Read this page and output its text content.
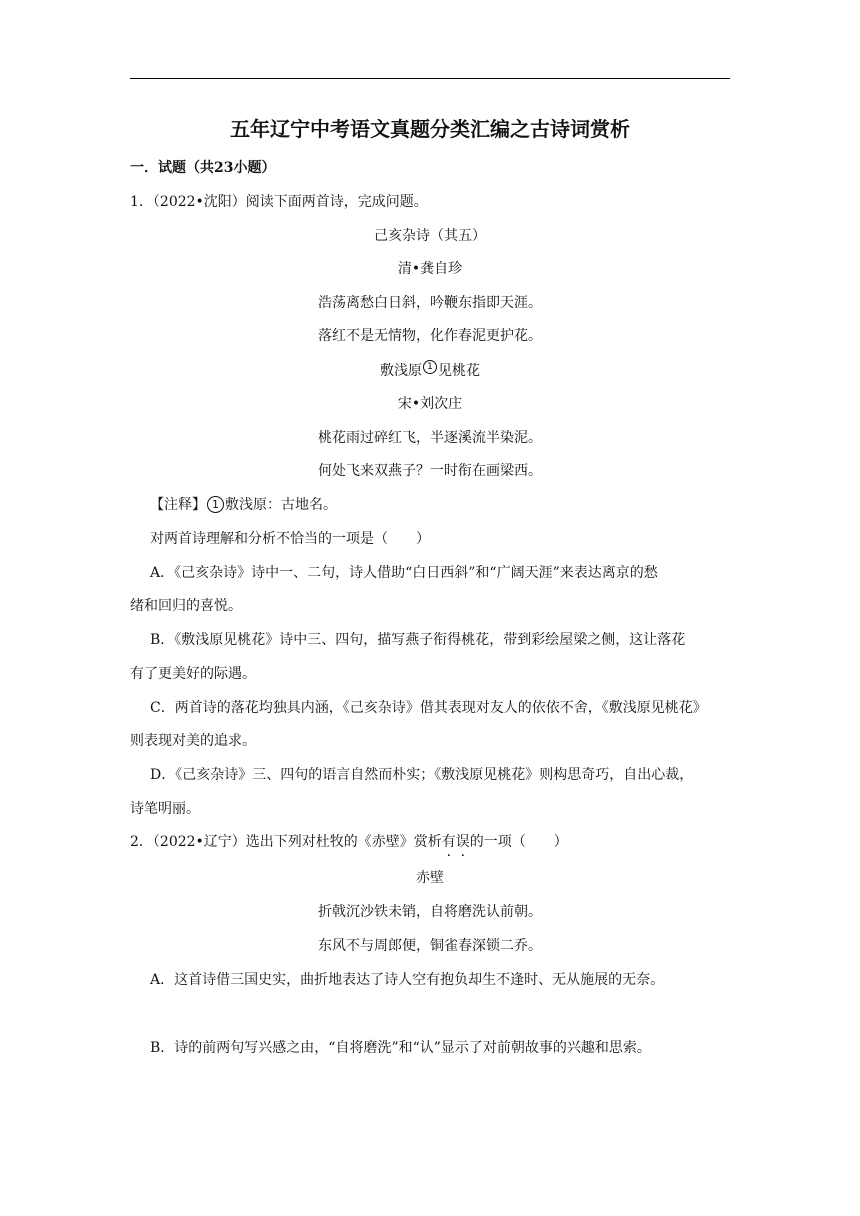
五年辽宁中考语文真题分类汇编之古诗词赏析
一．试题（共23小题）
1．（2022•沈阳）阅读下面两首诗，完成问题。
己亥杂诗（其五）
清•龚自珍
浩荡离愁白日斜，吟鞭东指即天涯。
落红不是无情物，化作春泥更护花。
敷浅原 1 见桃花
宋•刘次庄
桃花雨过碎红飞，半逐溪流半染泥。
何处飞来双燕子？一时衔在画梁西。
【注释】 1 敷浅原：古地名。
对两首诗理解和分析不恰当的一项是（　　）
A．《己亥杂诗》诗中一、二句，诗人借助“白日西斜”和“广阔天涯”来表达离京的愁
绪和回归的喜悦。
B．《敷浅原见桃花》诗中三、四句，描写燕子衔得桃花，带到彩绘屋梁之侧，这让落花
有了更美好的际遇。
C．两首诗的落花均独具内涵，《己亥杂诗》借其表现对友人的依依不舍，《敷浅原见桃花》
则表现对美的追求。
D．《己亥杂诗》三、四句的语言自然而朴实；《敷浅原见桃花》则构思奇巧，自出心裁，
诗笔明丽。
2．（2022•辽宁）选出下列对杜牧的《赤壁》赏析有误的一项（　　）
赤壁
折戟沉沙铁未销，自将磨洗认前朝。
东风不与周郎便，铜雀春深锁二乔。
A．这首诗借三国史实，曲折地表达了诗人空有抱负却生不逢时、无从施展的无奈。
B．诗的前两句写兴感之由，“自将磨洗”和“认”显示了对前朝故事的兴趣和思索。
